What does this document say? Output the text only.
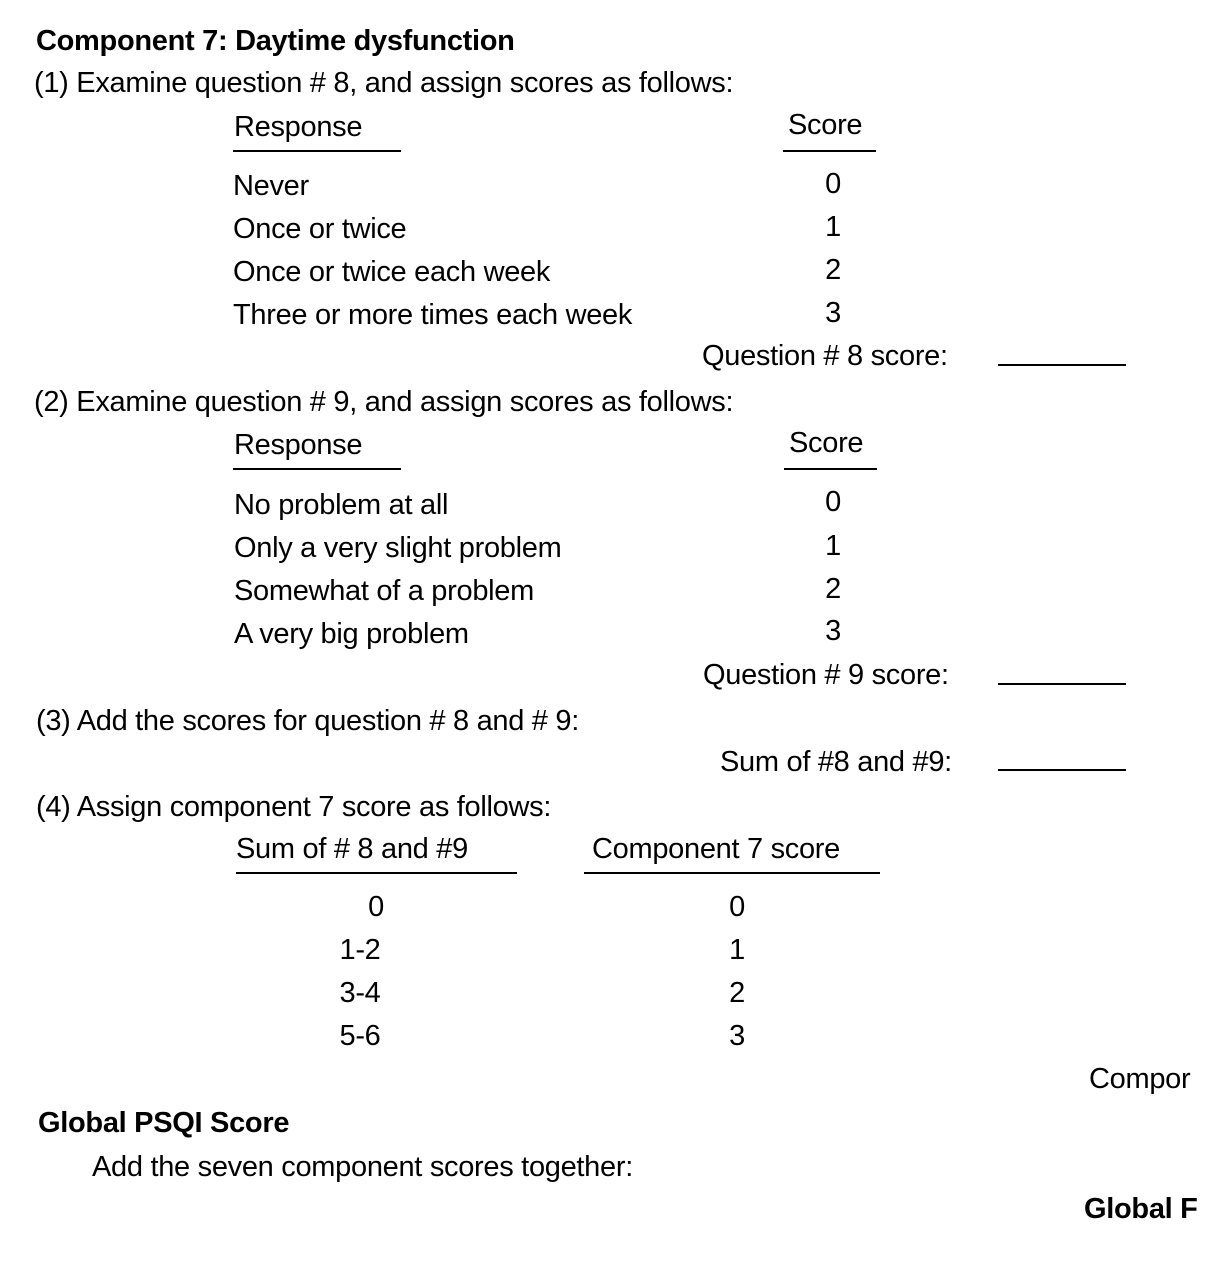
Component 7: Daytime dysfunction
(1) Examine question # 8, and assign scores as follows:
Response	Score
Never	0
Once or twice	1
Once or twice each week	2
Three or more times each week	3
Question # 8 score:
(2) Examine question # 9, and assign scores as follows:
Response	Score
No problem at all	0
Only a very slight problem	1
Somewhat of a problem	2
A very big problem	3
Question # 9 score:
(3) Add the scores for question # 8 and # 9:
Sum of #8 and #9:
(4) Assign component 7 score as follows:
Sum of # 8 and #9	Component 7 score
0	0
1-2	1
3-4	2
5-6	3
Compor
Global PSQI Score
Add the seven component scores together:
Global F
